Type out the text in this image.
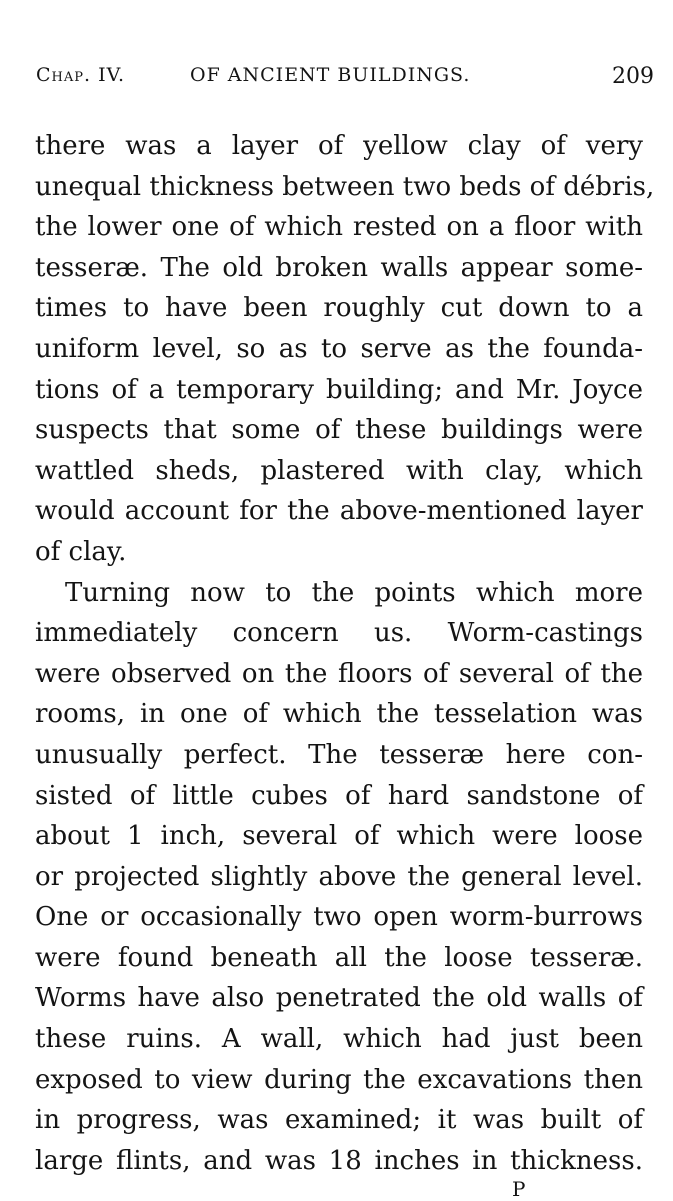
Chap. IV.	OF ANCIENT BUILDINGS.	209
there was a layer of yellow clay of very
unequal thickness between two beds of débris,
the lower one of which rested on a floor with
tesseræ. The old broken walls appear some-
times to have been roughly cut down to a
uniform level, so as to serve as the founda-
tions of a temporary building; and Mr. Joyce
suspects that some of these buildings were
wattled sheds, plastered with clay, which
would account for the above-mentioned layer
of clay.
Turning now to the points which more
immediately concern us. Worm-castings
were observed on the floors of several of the
rooms, in one of which the tesselation was
unusually perfect. The tesseræ here con-
sisted of little cubes of hard sandstone of
about 1 inch, several of which were loose
or projected slightly above the general level.
One or occasionally two open worm-burrows
were found beneath all the loose tesseræ.
Worms have also penetrated the old walls of
these ruins. A wall, which had just been
exposed to view during the excavations then
in progress, was examined; it was built of
large flints, and was 18 inches in thickness.
P
